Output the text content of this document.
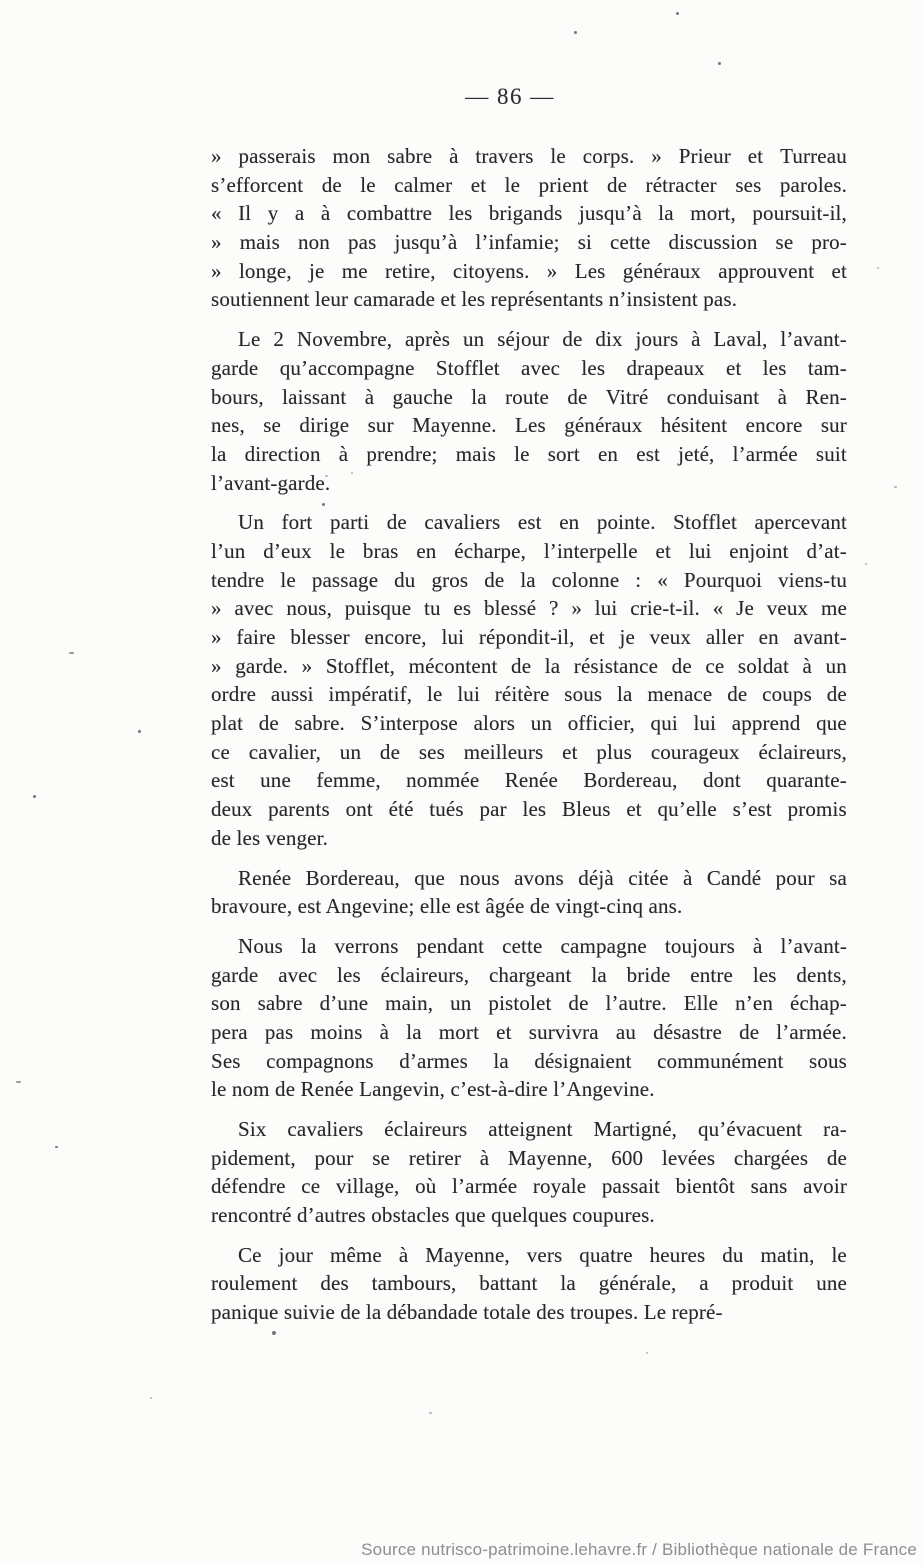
— 86 —
» passerais mon sabre à travers le corps. » Prieur et Turreau
s’efforcent de le calmer et le prient de rétracter ses paroles.
« Il y a à combattre les brigands jusqu’à la mort, poursuit-il,
» mais non pas jusqu’à l’infamie; si cette discussion se pro-
» longe, je me retire, citoyens. » Les généraux approuvent et
soutiennent leur camarade et les représentants n’insistent pas.
Le 2 Novembre, après un séjour de dix jours à Laval, l’avant-
garde qu’accompagne Stofflet avec les drapeaux et les tam-
bours, laissant à gauche la route de Vitré conduisant à Ren-
nes, se dirige sur Mayenne. Les généraux hésitent encore sur
la direction à prendre; mais le sort en est jeté, l’armée suit
l’avant-garde.
Un fort parti de cavaliers est en pointe. Stofflet apercevant
l’un d’eux le bras en écharpe, l’interpelle et lui enjoint d’at-
tendre le passage du gros de la colonne : « Pourquoi viens-tu
» avec nous, puisque tu es blessé ? » lui crie-t-il. « Je veux me
» faire blesser encore, lui répondit-il, et je veux aller en avant-
» garde. » Stofflet, mécontent de la résistance de ce soldat à un
ordre aussi impératif, le lui réitère sous la menace de coups de
plat de sabre. S’interpose alors un officier, qui lui apprend que
ce cavalier, un de ses meilleurs et plus courageux éclaireurs,
est une femme, nommée Renée Bordereau, dont quarante-
deux parents ont été tués par les Bleus et qu’elle s’est promis
de les venger.
Renée Bordereau, que nous avons déjà citée à Candé pour sa
bravoure, est Angevine; elle est âgée de vingt-cinq ans.
Nous la verrons pendant cette campagne toujours à l’avant-
garde avec les éclaireurs, chargeant la bride entre les dents,
son sabre d’une main, un pistolet de l’autre. Elle n’en échap-
pera pas moins à la mort et survivra au désastre de l’armée.
Ses compagnons d’armes la désignaient communément sous
le nom de Renée Langevin, c’est-à-dire l’Angevine.
Six cavaliers éclaireurs atteignent Martigné, qu’évacuent ra-
pidement, pour se retirer à Mayenne, 600 levées chargées de
défendre ce village, où l’armée royale passait bientôt sans avoir
rencontré d’autres obstacles que quelques coupures.
Ce jour même à Mayenne, vers quatre heures du matin, le
roulement des tambours, battant la générale, a produit une
panique suivie de la débandade totale des troupes. Le repré-
Source nutrisco-patrimoine.lehavre.fr / Bibliothèque nationale de France
